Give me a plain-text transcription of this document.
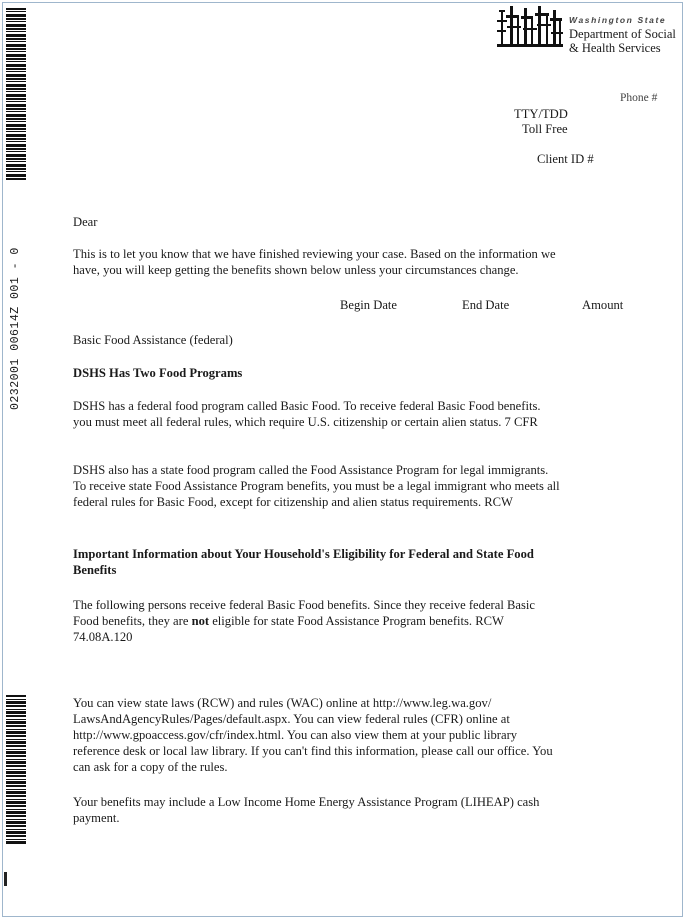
0232001 00614Z 001 - 0
Washington State
Department of Social
& Health Services
Phone #
TTY/TDD
Toll Free
Client ID #
Dear
This is to let you know that we have finished reviewing your case. Based on the information we
have, you will keep getting the benefits shown below unless your circumstances change.
Begin Date	End Date	Amount
Basic Food Assistance (federal)
DSHS Has Two Food Programs
DSHS has a federal food program called Basic Food. To receive federal Basic Food benefits.
you must meet all federal rules, which require U.S. citizenship or certain alien status. 7 CFR
DSHS also has a state food program called the Food Assistance Program for legal immigrants.
To receive state Food Assistance Program benefits, you must be a legal immigrant who meets all
federal rules for Basic Food, except for citizenship and alien status requirements. RCW
Important Information about Your Household's Eligibility for Federal and State Food
Benefits
The following persons receive federal Basic Food benefits. Since they receive federal Basic
Food benefits, they are not eligible for state Food Assistance Program benefits. RCW
74.08A.120
You can view state laws (RCW) and rules (WAC) online at http://www.leg.wa.gov/
LawsAndAgencyRules/Pages/default.aspx. You can view federal rules (CFR) online at
http://www.gpoaccess.gov/cfr/index.html. You can also view them at your public library
reference desk or local law library. If you can't find this information, please call our office. You
can ask for a copy of the rules.
Your benefits may include a Low Income Home Energy Assistance Program (LIHEAP) cash
payment.
